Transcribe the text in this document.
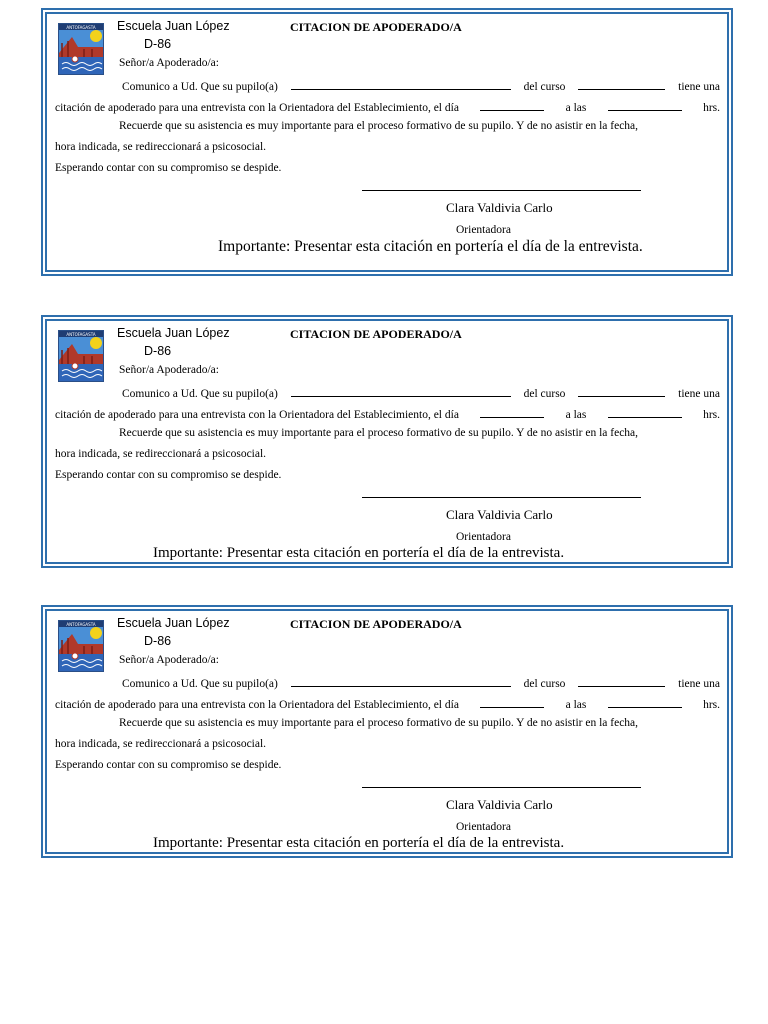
ANTOFAGASTA Escuela Juan López
D-86
CITACION DE APODERADO/A
Señor/a Apoderado/a:
Comunico a Ud. Que su pupilo(a)	del curso	tiene una
citación de apoderado para una entrevista con la Orientadora del Establecimiento, el día	a las	hrs.
Recuerde que su asistencia es muy importante para el proceso formativo de su pupilo. Y de no asistir en la fecha,
hora indicada, se redireccionará a psicosocial.
Esperando contar con su compromiso se despide.
Clara Valdivia Carlo
Orientadora
Importante: Presentar esta citación en portería el día de la entrevista.
ANTOFAGASTA Escuela Juan López
D-86
CITACION DE APODERADO/A
Señor/a Apoderado/a:
Comunico a Ud. Que su pupilo(a)	del curso	tiene una
citación de apoderado para una entrevista con la Orientadora del Establecimiento, el día	a las	hrs.
Recuerde que su asistencia es muy importante para el proceso formativo de su pupilo. Y de no asistir en la fecha,
hora indicada, se redireccionará a psicosocial.
Esperando contar con su compromiso se despide.
Clara Valdivia Carlo
Orientadora
Importante: Presentar esta citación en portería el día de la entrevista.
ANTOFAGASTA Escuela Juan López
D-86
CITACION DE APODERADO/A
Señor/a Apoderado/a:
Comunico a Ud. Que su pupilo(a)	del curso	tiene una
citación de apoderado para una entrevista con la Orientadora del Establecimiento, el día	a las	hrs.
Recuerde que su asistencia es muy importante para el proceso formativo de su pupilo. Y de no asistir en la fecha,
hora indicada, se redireccionará a psicosocial.
Esperando contar con su compromiso se despide.
Clara Valdivia Carlo
Orientadora
Importante: Presentar esta citación en portería el día de la entrevista.
